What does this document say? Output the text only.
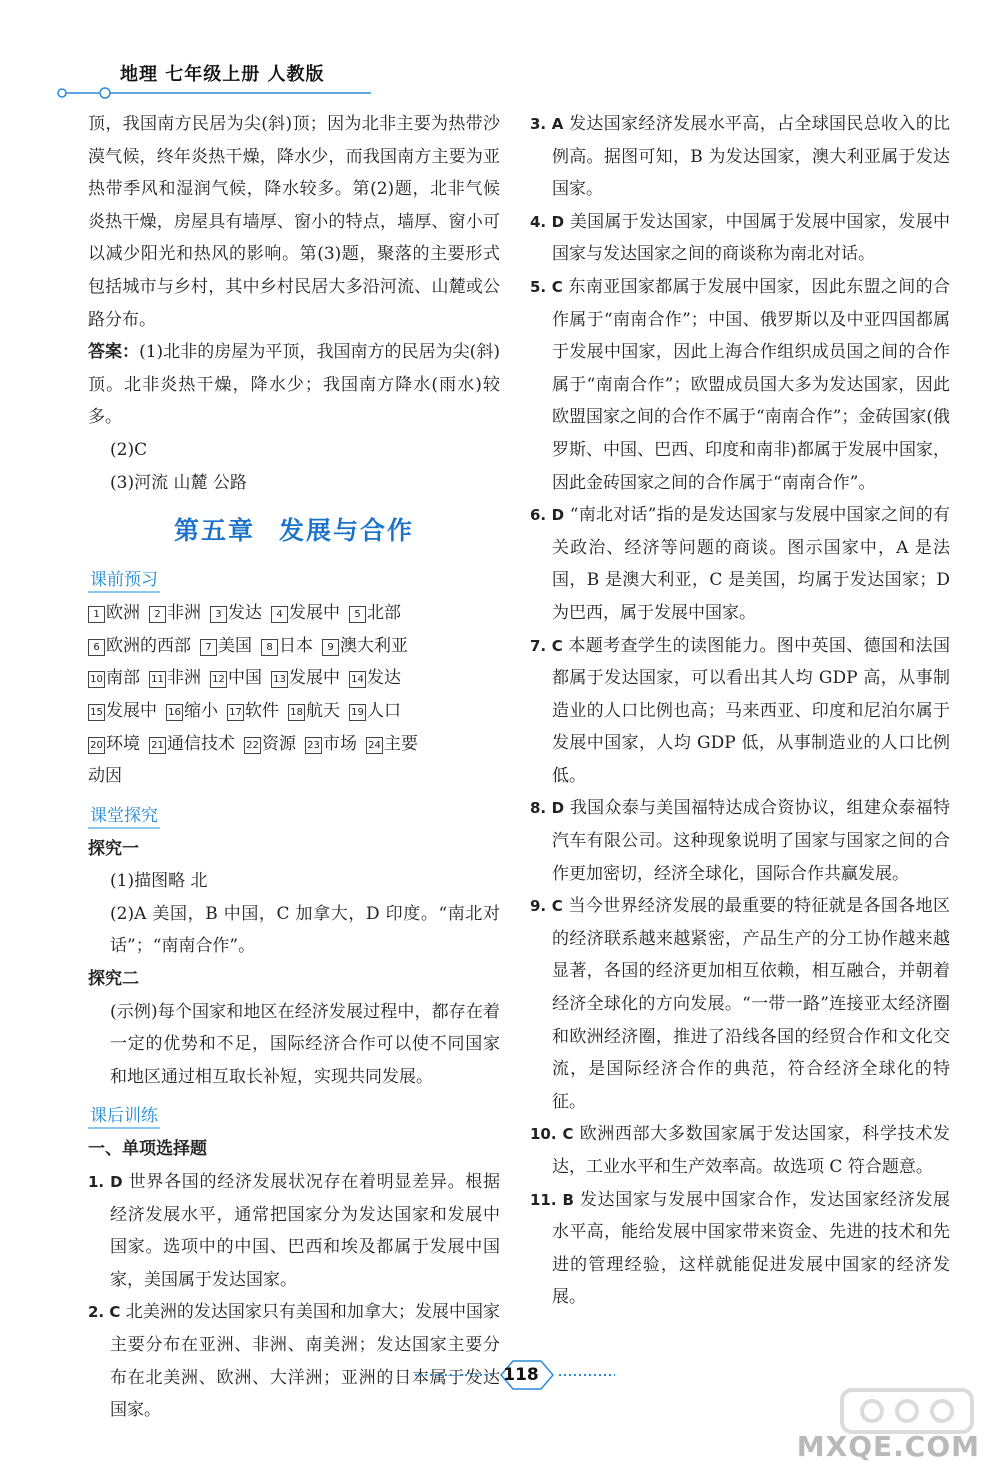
地理 七年级上册 人教版
顶，我国南方民居为尖(斜)顶；因为北非主要为热带沙漠气候，终年炎热干燥，降水少，而我国南方主要为亚热带季风和湿润气候，降水较多。第(2)题，北非气候炎热干燥，房屋具有墙厚、窗小的特点，墙厚、窗小可以减少阳光和热风的影响。第(3)题，聚落的主要形式包括城市与乡村，其中乡村民居大多沿河流、山麓或公路分布。
答案：(1)北非的房屋为平顶，我国南方的民居为尖(斜)顶。北非炎热干燥，降水少；我国南方降水(雨水)较多。
(2)C
(3)河流 山麓 公路
第五章 发展与合作
课前预习
1 欧洲 2 非洲 3 发达 4 发展中 5 北部
6 欧洲的西部 7 美国 8 日本 9 澳大利亚
10 南部 11 非洲 12 中国 13 发展中 14 发达
15 发展中 16 缩小 17 软件 18 航天 19 人口
20 环境 21 通信技术 22 资源 23 市场 24 主要
动因
课堂探究
探究一
(1)描图略 北
(2)A 美国，B 中国，C 加拿大，D 印度。“南北对话”；“南南合作”。
探究二
(示例)每个国家和地区在经济发展过程中，都存在着一定的优势和不足，国际经济合作可以使不同国家和地区通过相互取长补短，实现共同发展。
课后训练
一、单项选择题
1. D 世界各国的经济发展状况存在着明显差异。根据经济发展水平，通常把国家分为发达国家和发展中国家。选项中的中国、巴西和埃及都属于发展中国家，美国属于发达国家。
2. C 北美洲的发达国家只有美国和加拿大；发展中国家主要分布在亚洲、非洲、南美洲；发达国家主要分布在北美洲、欧洲、大洋洲；亚洲的日本属于发达国家。
3. A 发达国家经济发展水平高，占全球国民总收入的比例高。据图可知，B 为发达国家，澳大利亚属于发达国家。
4. D 美国属于发达国家，中国属于发展中国家，发展中国家与发达国家之间的商谈称为南北对话。
5. C 东南亚国家都属于发展中国家，因此东盟之间的合作属于“南南合作”；中国、俄罗斯以及中亚四国都属于发展中国家，因此上海合作组织成员国之间的合作属于“南南合作”；欧盟成员国大多为发达国家，因此欧盟国家之间的合作不属于“南南合作”；金砖国家(俄罗斯、中国、巴西、印度和南非)都属于发展中国家，因此金砖国家之间的合作属于“南南合作”。
6. D “南北对话”指的是发达国家与发展中国家之间的有关政治、经济等问题的商谈。图示国家中，A 是法国，B 是澳大利亚，C 是美国，均属于发达国家；D 为巴西，属于发展中国家。
7. C 本题考查学生的读图能力。图中英国、德国和法国都属于发达国家，可以看出其人均 GDP 高，从事制造业的人口比例也高；马来西亚、印度和尼泊尔属于发展中国家，人均 GDP 低，从事制造业的人口比例低。
8. D 我国众泰与美国福特达成合资协议，组建众泰福特汽车有限公司。这种现象说明了国家与国家之间的合作更加密切，经济全球化，国际合作共赢发展。
9. C 当今世界经济发展的最重要的特征就是各国各地区的经济联系越来越紧密，产品生产的分工协作越来越显著，各国的经济更加相互依赖，相互融合，并朝着经济全球化的方向发展。“一带一路”连接亚太经济圈和欧洲经济圈，推进了沿线各国的经贸合作和文化交流，是国际经济合作的典范，符合经济全球化的特征。
10. C 欧洲西部大多数国家属于发达国家，科学技术发达，工业水平和生产效率高。故选项 C 符合题意。
11. B 发达国家与发展中国家合作，发达国家经济发展水平高，能给发展中国家带来资金、先进的技术和先进的管理经验，这样就能促进发展中国家的经济发展。
118
MXQE.COM
